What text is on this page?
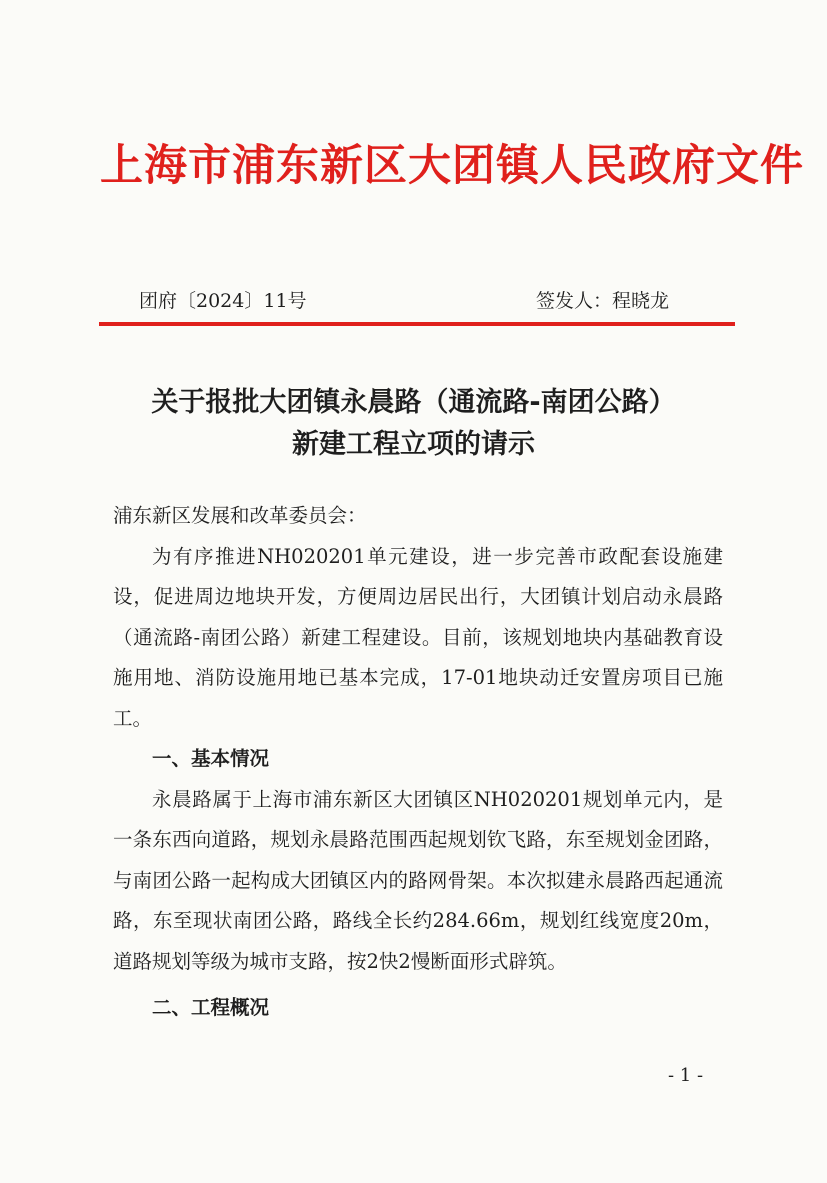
上海市浦东新区大团镇人民政府文件
团府〔2024〕11号	签发人：程晓龙
关于报批大团镇永晨路（通流路-南团公路）
新建工程立项的请示

浦东新区发展和改革委员会：

为有序推进NH020201单元建设，进一步完善市政配套设施建设，促进周边地块开发，方便周边居民出行，大团镇计划启动永晨路（通流路-南团公路）新建工程建设。目前，该规划地块内基础教育设施用地、消防设施用地已基本完成，17-01地块动迁安置房项目已施工。

一、基本情况

永晨路属于上海市浦东新区大团镇区NH020201规划单元内，是一条东西向道路，规划永晨路范围西起规划钦飞路，东至规划金团路，与南团公路一起构成大团镇区内的路网骨架。本次拟建永晨路西起通流路，东至现状南团公路，路线全长约284.66m，规划红线宽度20m，道路规划等级为城市支路，按2快2慢断面形式辟筑。

二、工程概况

- 1 -
